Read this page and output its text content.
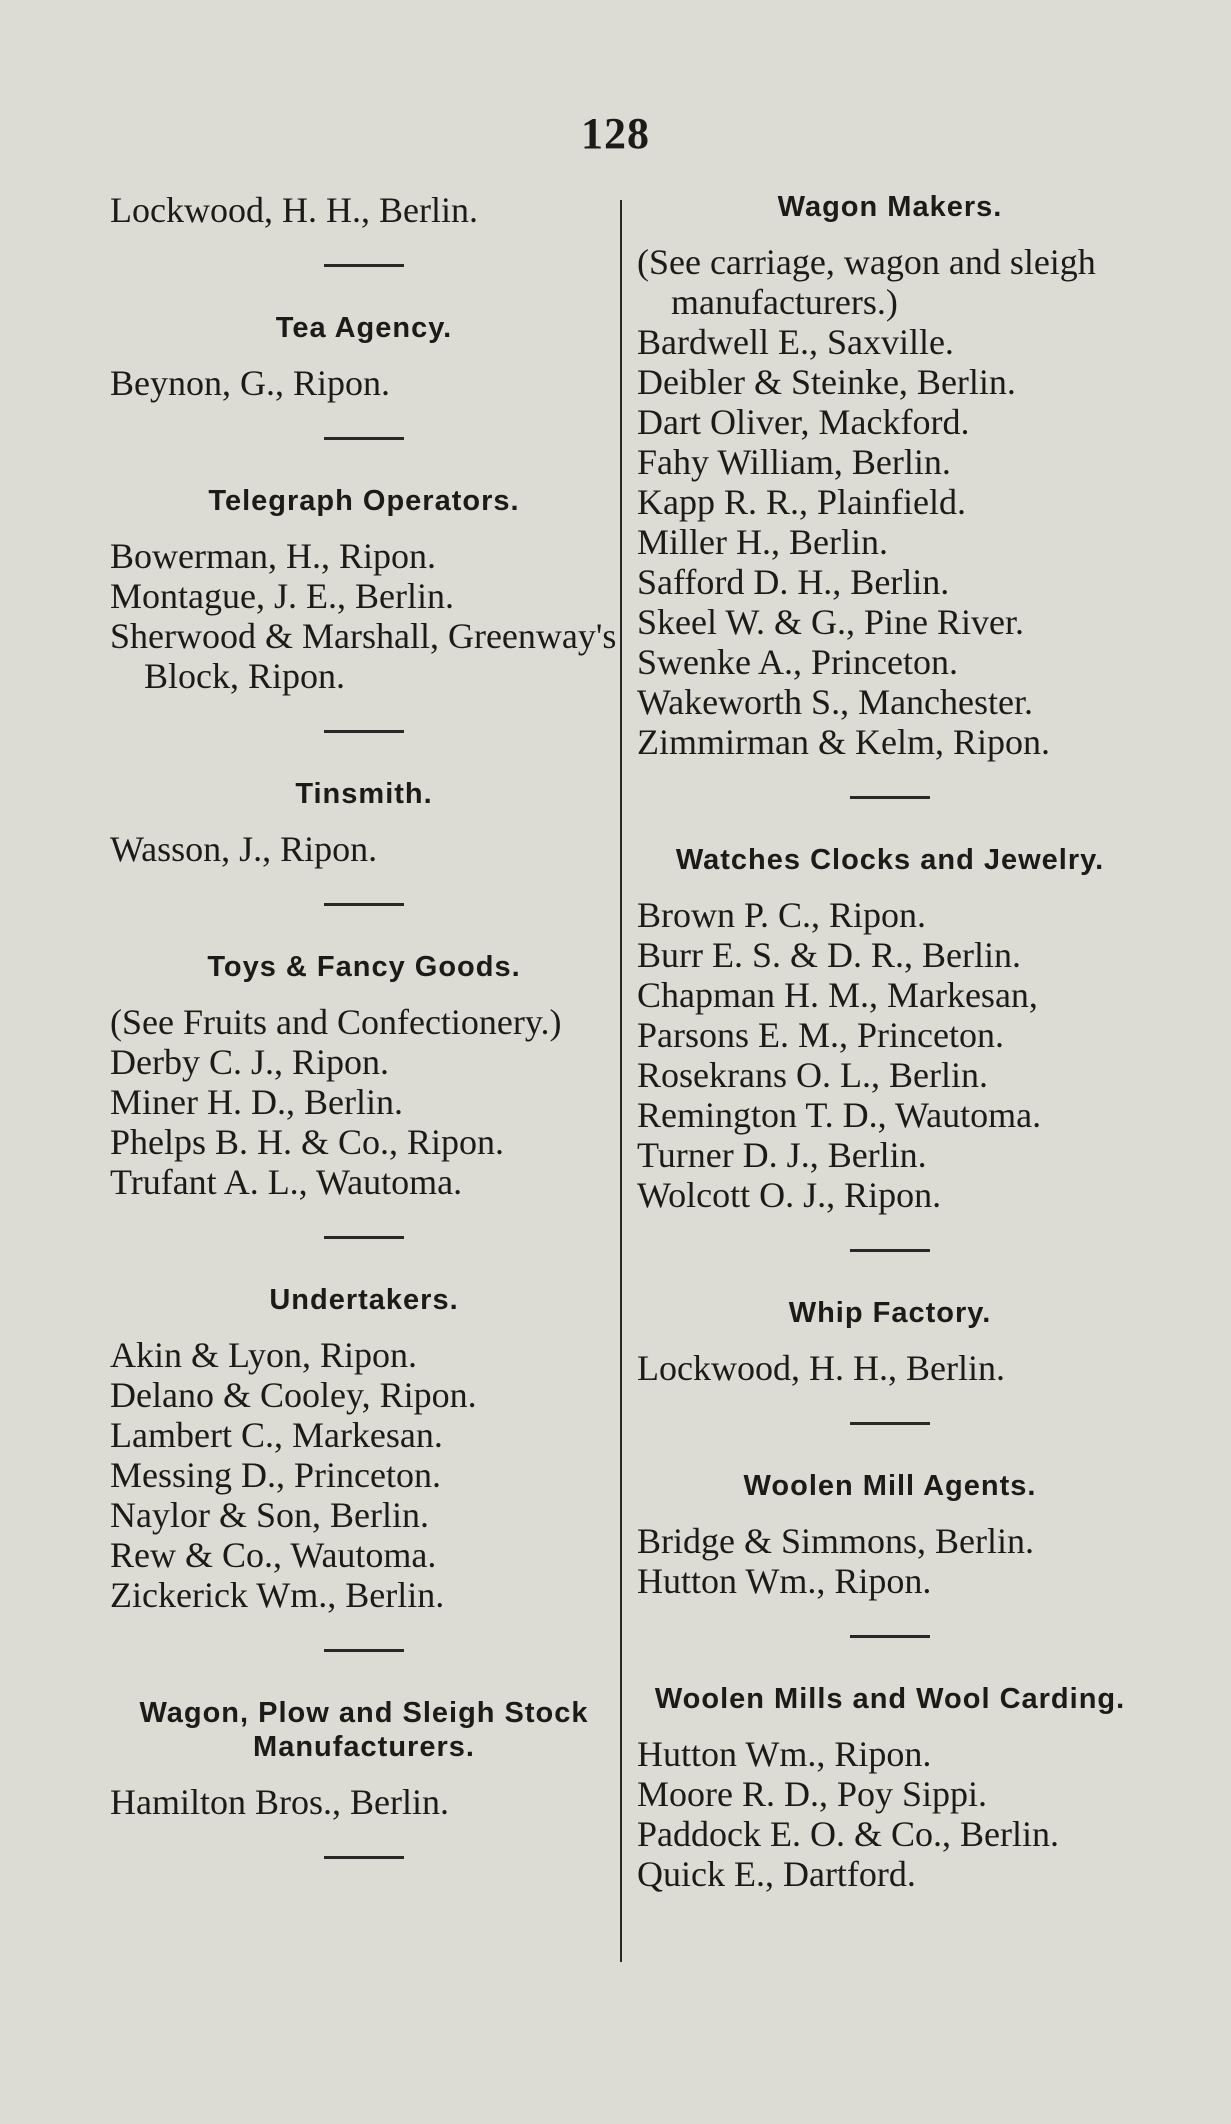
128
Lockwood, H. H., Berlin.
Tea Agency.
Beynon, G., Ripon.
Telegraph Operators.
Bowerman, H., Ripon.
Montague, J. E., Berlin.
Sherwood & Marshall, Greenway's Block, Ripon.
Tinsmith.
Wasson, J., Ripon.
Toys & Fancy Goods.
(See Fruits and Confectionery.)
Derby C. J., Ripon.
Miner H. D., Berlin.
Phelps B. H. & Co., Ripon.
Trufant A. L., Wautoma.
Undertakers.
Akin & Lyon, Ripon.
Delano & Cooley, Ripon.
Lambert C., Markesan.
Messing D., Princeton.
Naylor & Son, Berlin.
Rew & Co., Wautoma.
Zickerick Wm., Berlin.
Wagon, Plow and Sleigh Stock Manufacturers.
Hamilton Bros., Berlin.
Wagon Makers.
(See carriage, wagon and sleigh manufacturers.)
Bardwell E., Saxville.
Deibler & Steinke, Berlin.
Dart Oliver, Mackford.
Fahy William, Berlin.
Kapp R. R., Plainfield.
Miller H., Berlin.
Safford D. H., Berlin.
Skeel W. & G., Pine River.
Swenke A., Princeton.
Wakeworth S., Manchester.
Zimmirman & Kelm, Ripon.
Watches Clocks and Jewelry.
Brown P. C., Ripon.
Burr E. S. & D. R., Berlin.
Chapman H. M., Markesan,
Parsons E. M., Princeton.
Rosekrans O. L., Berlin.
Remington T. D., Wautoma.
Turner D. J., Berlin.
Wolcott O. J., Ripon.
Whip Factory.
Lockwood, H. H., Berlin.
Woolen Mill Agents.
Bridge & Simmons, Berlin.
Hutton Wm., Ripon.
Woolen Mills and Wool Carding.
Hutton Wm., Ripon.
Moore R. D., Poy Sippi.
Paddock E. O. & Co., Berlin.
Quick E., Dartford.
